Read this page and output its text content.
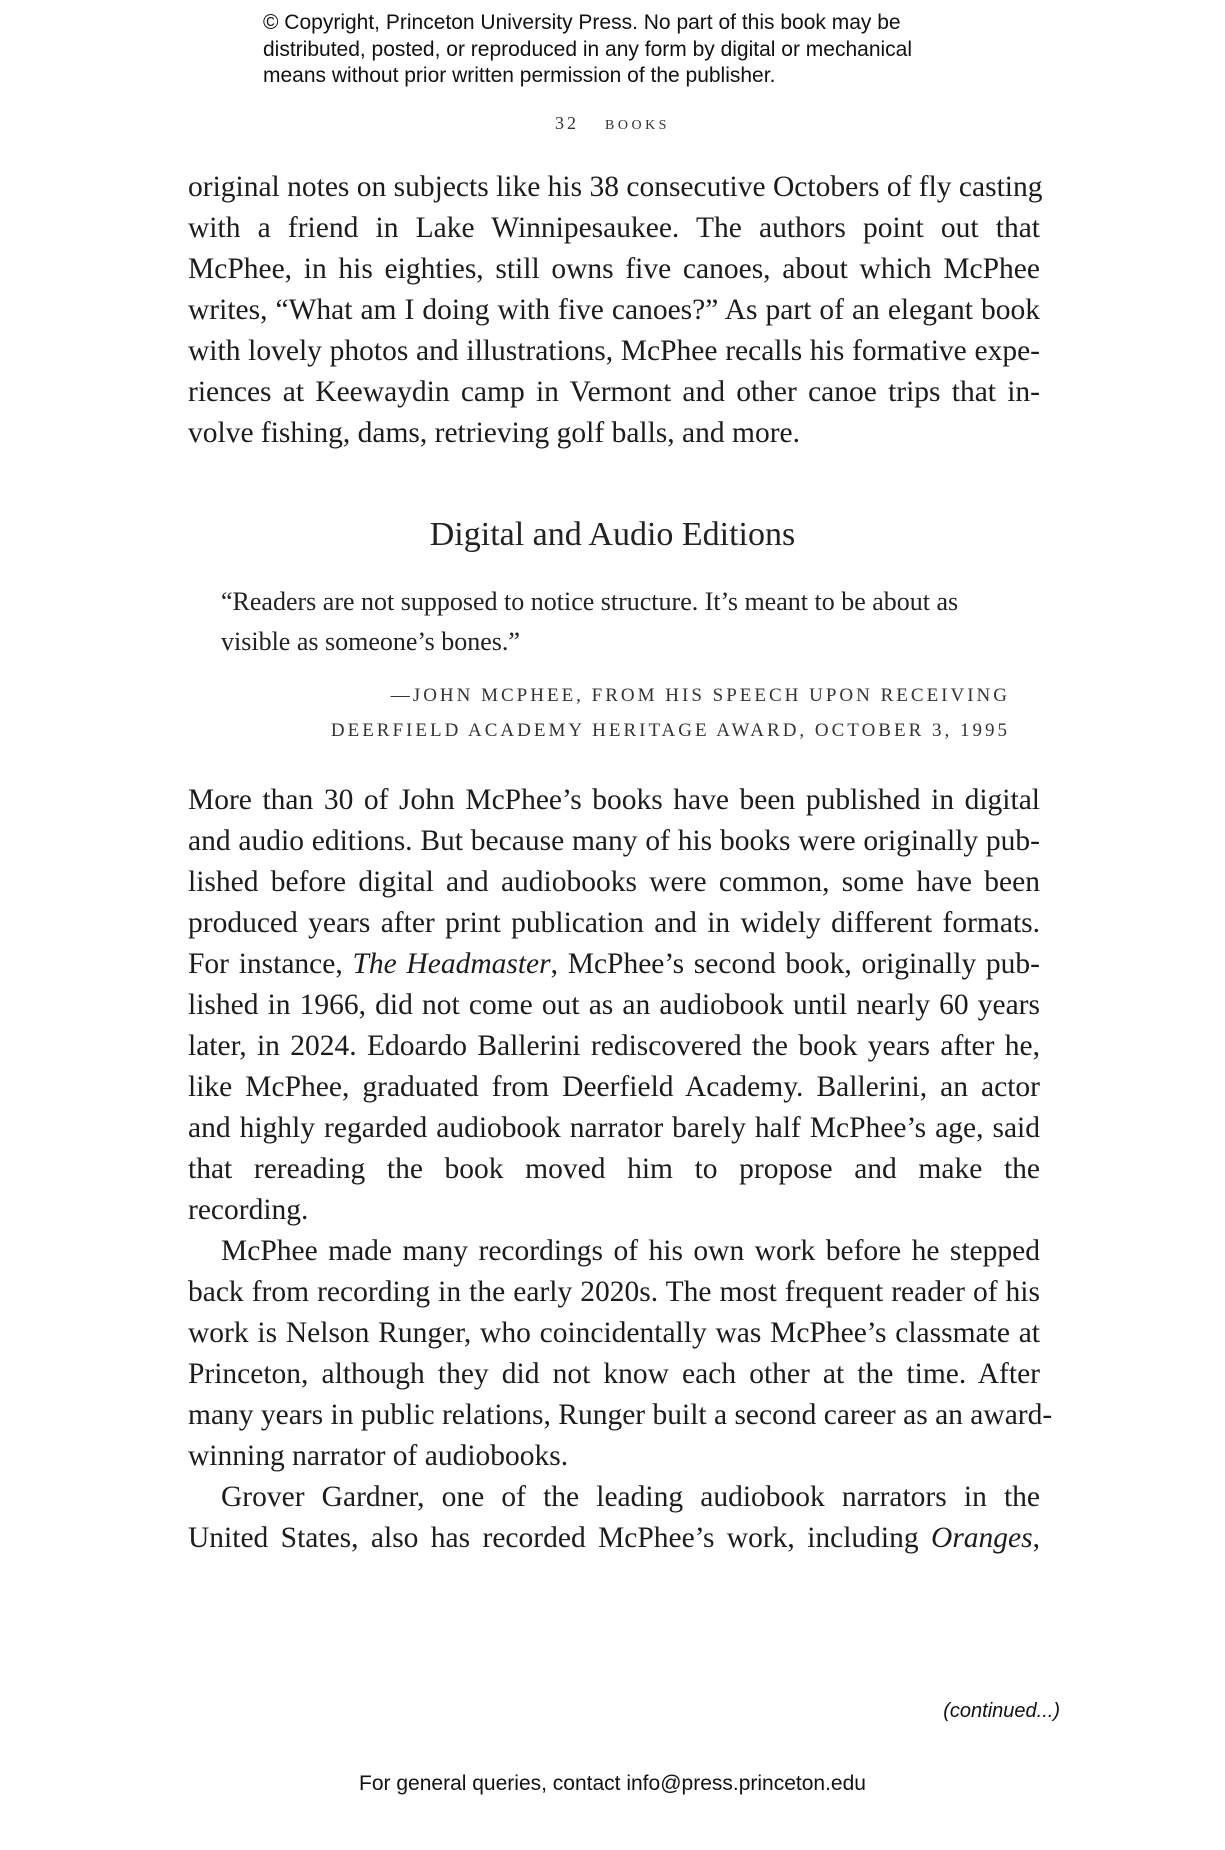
© Copyright, Princeton University Press. No part of this book may be
distributed, posted, or reproduced in any form by digital or mechanical
means without prior written permission of the publisher.
32 books
original notes on subjects like his 38 consecutive Octobers of fly casting
with a friend in Lake Winnipesaukee. The authors point out that
McPhee, in his eighties, still owns five canoes, about which McPhee
writes, “What am I doing with five canoes?” As part of an elegant book
with lovely photos and illustrations, McPhee recalls his formative expe-
riences at Keewaydin camp in Vermont and other canoe trips that in-
volve fishing, dams, retrieving golf balls, and more.
Digital and Audio Editions
“Readers are not supposed to notice structure. It’s meant to be about as
visible as someone’s bones.”
—JOHN MCPHEE, FROM HIS SPEECH UPON RECEIVING
DEERFIELD ACADEMY HERITAGE AWARD, OCTOBER 3, 1995
More than 30 of John McPhee’s books have been published in digital
and audio editions. But because many of his books were originally pub-
lished before digital and audiobooks were common, some have been
produced years after print publication and in widely different formats.
For instance, The Headmaster, McPhee’s second book, originally pub-
lished in 1966, did not come out as an audiobook until nearly 60 years
later, in 2024. Edoardo Ballerini rediscovered the book years after he,
like McPhee, graduated from Deerfield Academy. Ballerini, an actor
and highly regarded audiobook narrator barely half McPhee’s age, said
that rereading the book moved him to propose and make the
recording.
McPhee made many recordings of his own work before he stepped
back from recording in the early 2020s. The most frequent reader of his
work is Nelson Runger, who coincidentally was McPhee’s classmate at
Princeton, although they did not know each other at the time. After
many years in public relations, Runger built a second career as an award-
winning narrator of audiobooks.
Grover Gardner, one of the leading audiobook narrators in the
United States, also has recorded McPhee’s work, including Oranges,
(continued...)
For general queries, contact info@press.princeton.edu
